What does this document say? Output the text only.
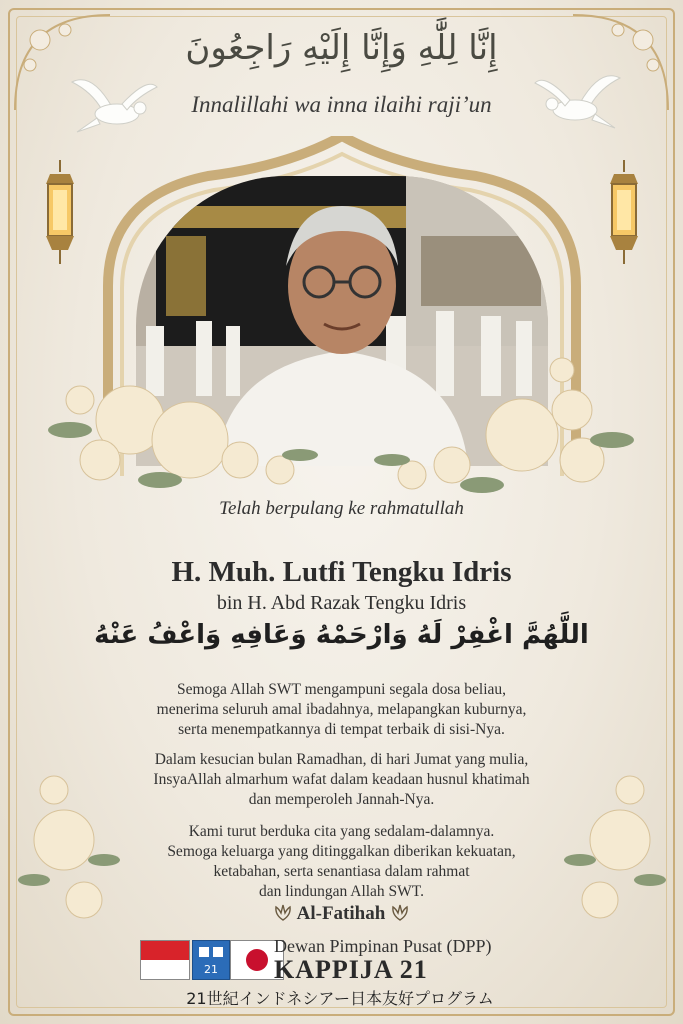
إِنَّا لِلَّٰهِ وَإِنَّا إِلَيْهِ رَاجِعُونَ
Innalillahi wa inna ilaihi raji’un
Telah berpulang ke rahmatullah
H. Muh. Lutfi Tengku Idris
bin H. Abd Razak Tengku Idris
اللَّهُمَّ اغْفِرْ لَهُ وَارْحَمْهُ وَعَافِهِ وَاعْفُ عَنْهُ
Semoga Allah SWT mengampuni segala dosa beliau,
menerima seluruh amal ibadahnya, melapangkan kuburnya,
serta menempatkannya di tempat terbaik di sisi-Nya.
Dalam kesucian bulan Ramadhan, di hari Jumat yang mulia,
InsyaAllah almarhum wafat dalam keadaan husnul khatimah
dan memperoleh Jannah-Nya.
Kami turut berduka cita yang sedalam-dalamnya.
Semoga keluarga yang ditinggalkan diberikan kekuatan,
ketabahan, serta senantiasa dalam rahmat
dan lindungan Allah SWT.
Al-Fatihah
21
Dewan Pimpinan Pusat (DPP)
KAPPIJA 21
21世紀インドネシアー日本友好プログラム
